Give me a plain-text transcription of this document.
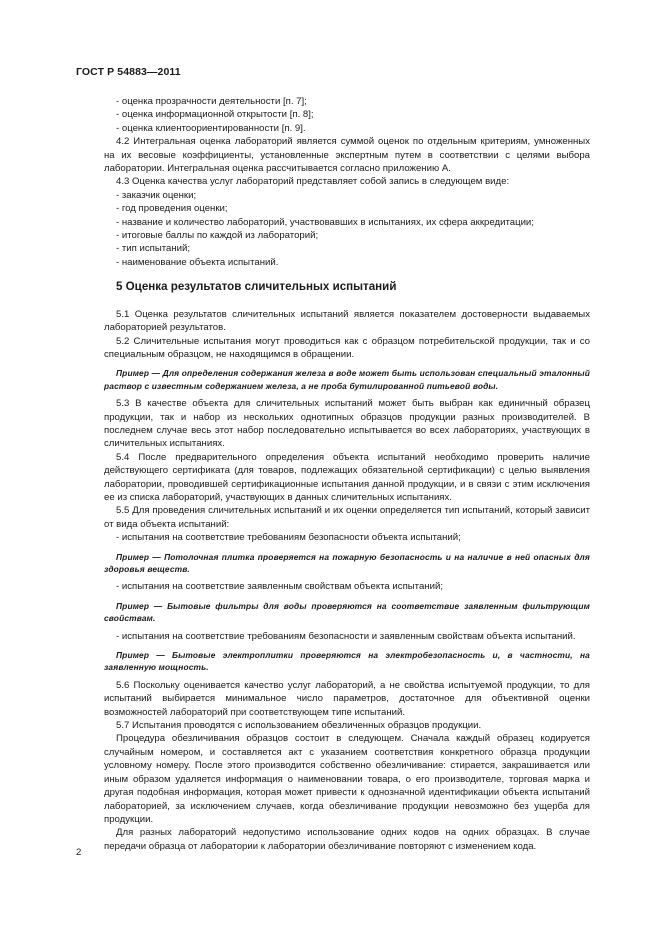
ГОСТ Р 54883—2011

- оценка прозрачности деятельности [п. 7];

- оценка информационной открытости [п. 8];

- оценка клиентоориентированности [п. 9].

4.2 Интегральная оценка лабораторий является суммой оценок по отдельным критериям, умноженных на их весовые коэффициенты, установленные экспертным путем в соответствии с целями выбора лаборатории. Интегральная оценка рассчитывается согласно приложению А.

4.3 Оценка качества услуг лабораторий представляет собой запись в следующем виде:

- заказчик оценки;

- год проведения оценки;

- название и количество лабораторий, участвовавших в испытаниях, их сфера аккредитации;

- итоговые баллы по каждой из лабораторий;

- тип испытаний;

- наименование объекта испытаний.

5 Оценка результатов сличительных испытаний

5.1 Оценка результатов сличительных испытаний является показателем достоверности выдаваемых лабораторией результатов.

5.2 Сличительные испытания могут проводиться как с образцом потребительской продукции, так и со специальным образцом, не находящимся в обращении.

Пример — Для определения содержания железа в воде может быть использован специальный эталонный раствор с известным содержанием железа, а не проба бутилированной питьевой воды.

5.3 В качестве объекта для сличительных испытаний может быть выбран как единичный образец продукции, так и набор из нескольких однотипных образцов продукции разных производителей. В последнем случае весь этот набор последовательно испытывается во всех лабораториях, участвующих в сличительных испытаниях.

5.4 После предварительного определения объекта испытаний необходимо проверить наличие действующего сертификата (для товаров, подлежащих обязательной сертификации) с целью выявления лаборатории, проводившей сертификационные испытания данной продукции, и в связи с этим исключения ее из списка лабораторий, участвующих в данных сличительных испытаниях.

5.5 Для проведения сличительных испытаний и их оценки определяется тип испытаний, который зависит от вида объекта испытаний:

- испытания на соответствие требованиям безопасности объекта испытаний;

Пример — Потолочная плитка проверяется на пожарную безопасность и на наличие в ней опасных для здоровья веществ.

- испытания на соответствие заявленным свойствам объекта испытаний;

Пример — Бытовые фильтры для воды проверяются на соответствие заявленным фильтрующим свойствам.

- испытания на соответствие требованиям безопасности и заявленным свойствам объекта испытаний.

Пример — Бытовые электроплитки проверяются на электробезопасность и, в частности, на заявленную мощность.

5.6 Поскольку оценивается качество услуг лабораторий, а не свойства испытуемой продукции, то для испытаний выбирается минимальное число параметров, достаточное для объективной оценки возможностей лабораторий при соответствующем типе испытаний.

5.7 Испытания проводятся с использованием обезличенных образцов продукции.

Процедура обезличивания образцов состоит в следующем. Сначала каждый образец кодируется случайным номером, и составляется акт с указанием соответствия конкретного образца продукции условному номеру. После этого производится собственно обезличивание: стирается, закрашивается или иным образом удаляется информация о наименовании товара, о его производителе, торговая марка и другая подобная информация, которая может привести к однозначной идентификации объекта испытаний лабораторией, за исключением случаев, когда обезличивание продукции невозможно без ущерба для продукции.

Для разных лабораторий недопустимо использование одних кодов на одних образцах. В случае передачи образца от лаборатории к лаборатории обезличивание повторяют с изменением кода.

2
